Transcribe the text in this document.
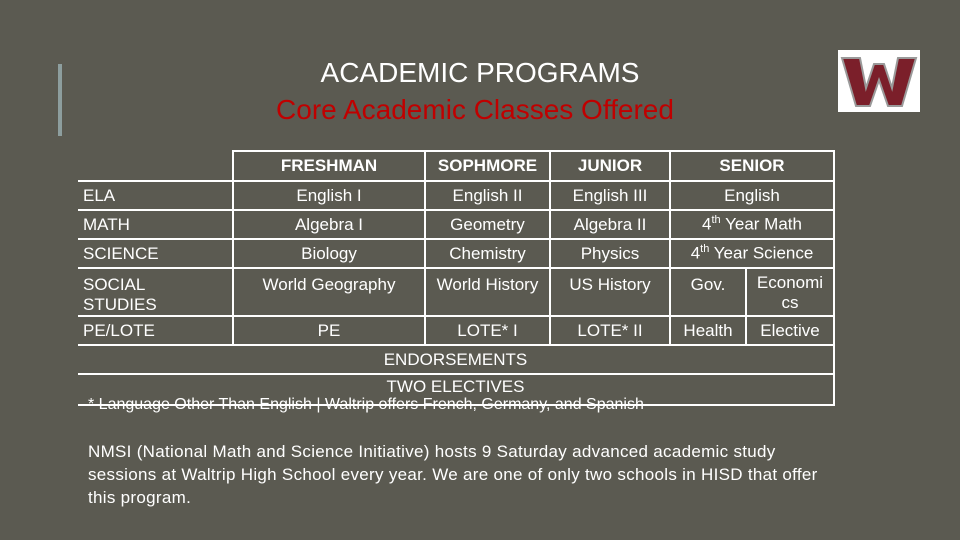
ACADEMIC PROGRAMS
Core Academic Classes Offered
	FRESHMAN	SOPHMORE	JUNIOR	SENIOR	
ELA	English I	English II	English III	English	
MATH	Algebra I	Geometry	Algebra II	4th Year Math	
SCIENCE	Biology	Chemistry	Physics	4th Year Science	
SOCIAL
STUDIES	World Geography	World History	US History	Gov.	Economi cs
PE/LOTE	PE	LOTE* I	LOTE* II	Health	Elective
ENDORSEMENTS					
TWO ELECTIVES					
* Language Other Than English | Waltrip offers French, Germany, and Spanish
NMSI (National Math and Science Initiative) hosts 9 Saturday advanced academic study sessions at Waltrip High School every year. We are one of only two schools in HISD that offer this program.
